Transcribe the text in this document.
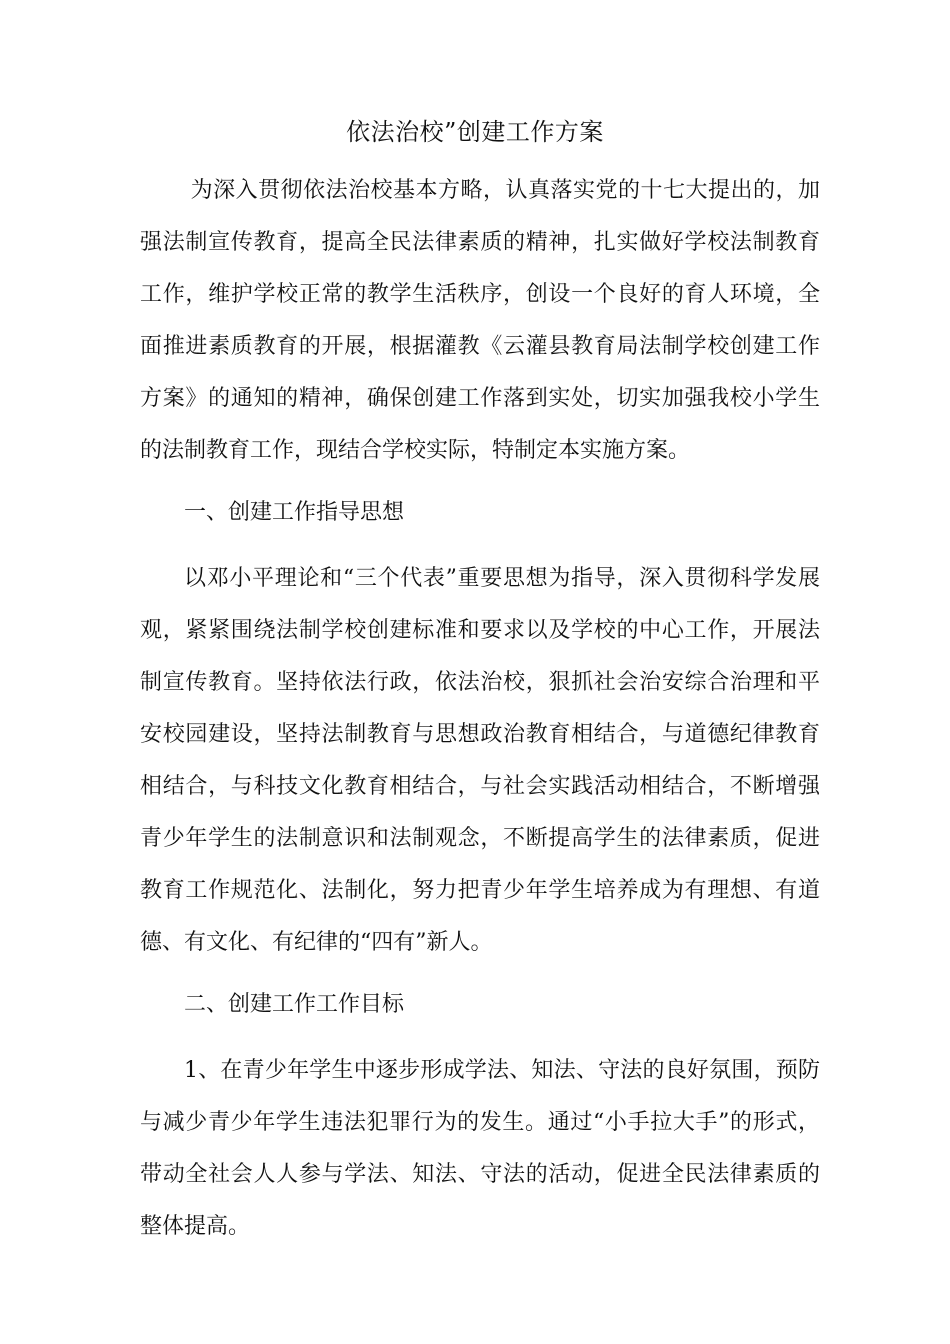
依法治校”创建工作方案

为深入贯彻依法治校基本方略，认真落实党的十七大提出的，加强法制宣传教育，提高全民法律素质的精神，扎实做好学校法制教育工作，维护学校正常的教学生活秩序，创设一个良好的育人环境，全面推进素质教育的开展，根据灌教《云灌县教育局法制学校创建工作方案》的通知的精神，确保创建工作落到实处，切实加强我校小学生的法制教育工作，现结合学校实际，特制定本实施方案。

一、创建工作指导思想

以邓小平理论和“三个代表”重要思想为指导，深入贯彻科学发展观，紧紧围绕法制学校创建标准和要求以及学校的中心工作，开展法制宣传教育。坚持依法行政，依法治校，狠抓社会治安综合治理和平安校园建设，坚持法制教育与思想政治教育相结合，与道德纪律教育相结合，与科技文化教育相结合，与社会实践活动相结合，不断增强青少年学生的法制意识和法制观念，不断提高学生的法律素质，促进教育工作规范化、法制化，努力把青少年学生培养成为有理想、有道德、有文化、有纪律的“四有”新人。

二、创建工作工作目标

1、在青少年学生中逐步形成学法、知法、守法的良好氛围，预防与减少青少年学生违法犯罪行为的发生。通过“小手拉大手”的形式，带动全社会人人参与学法、知法、守法的活动，促进全民法律素质的整体提高。
